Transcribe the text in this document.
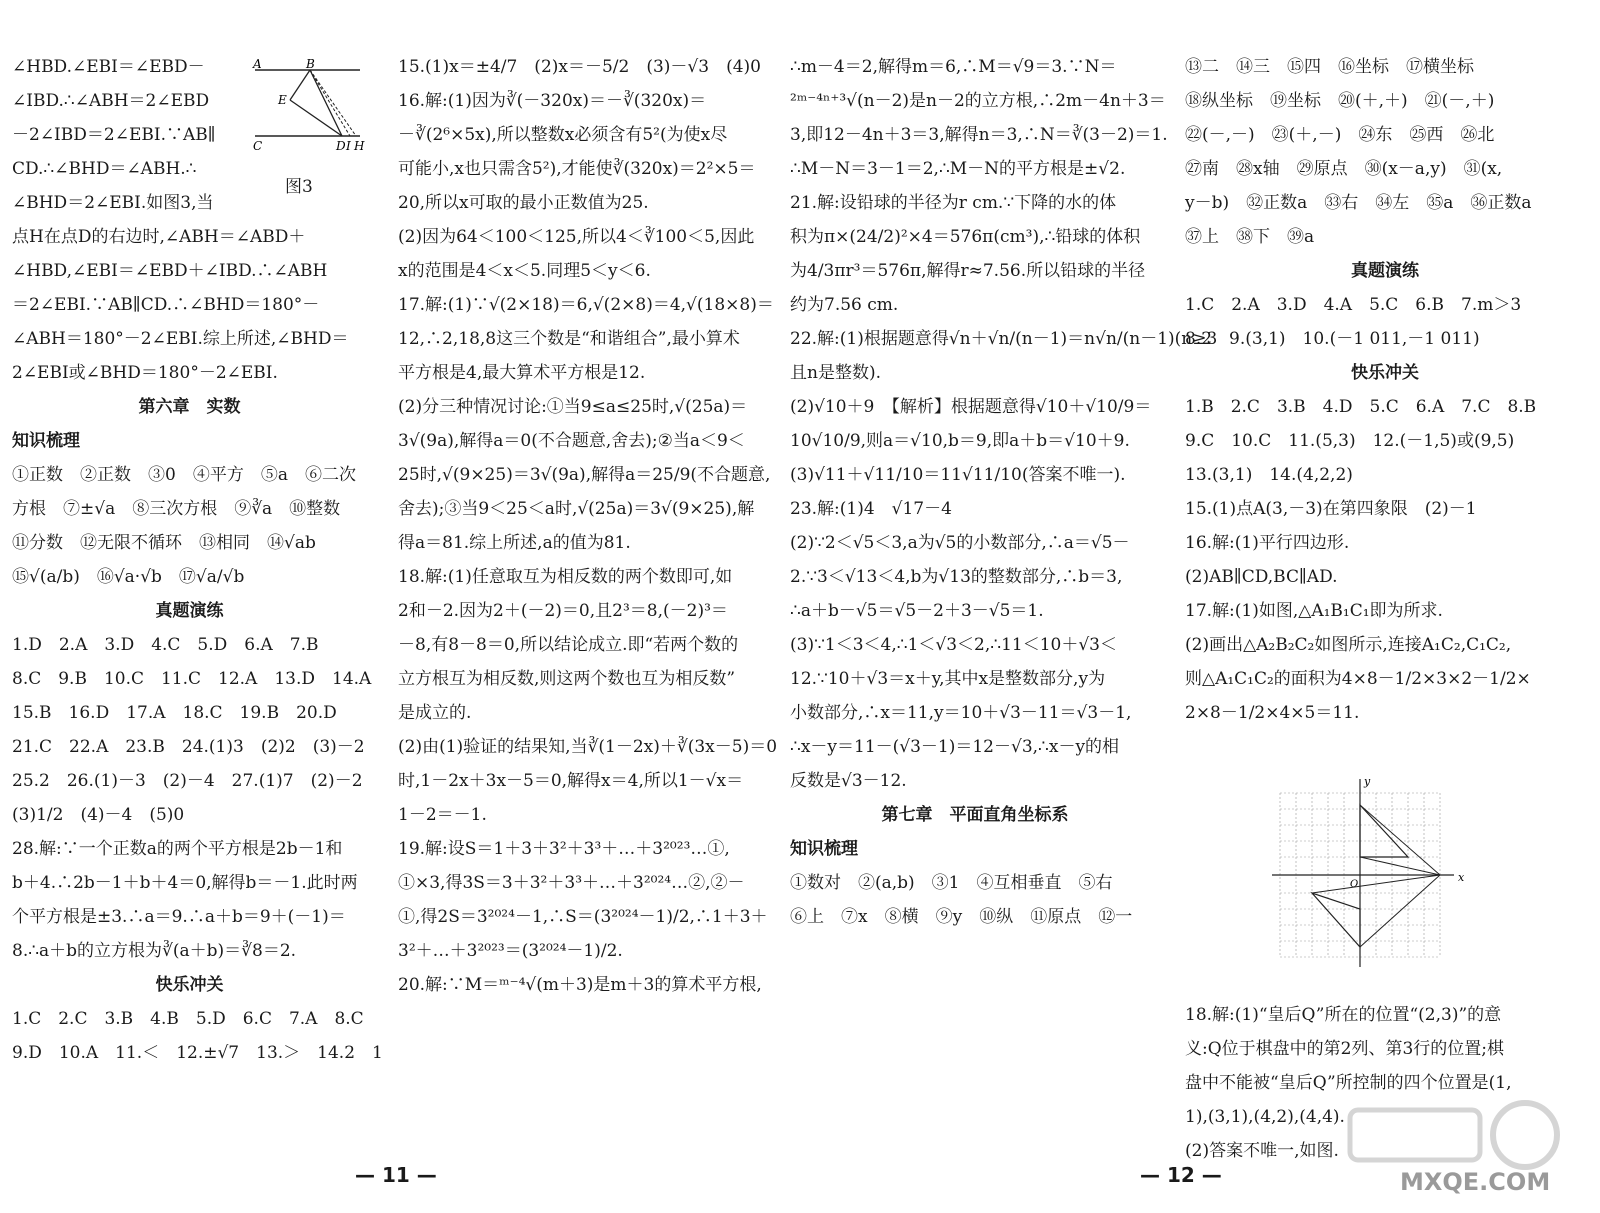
∠HBD.∠EBI＝∠EBD－

∠IBD.∴∠ABH＝2∠EBD

－2∠IBD＝2∠EBI.∵AB∥

CD.∴∠BHD＝∠ABH.∴

∠BHD＝2∠EBI.如图3,当

点H在点D的右边时,∠ABH＝∠ABD＋

∠HBD,∠EBI＝∠EBD＋∠IBD.∴∠ABH

＝2∠EBI.∵AB∥CD.∴∠BHD＝180°－

∠ABH＝180°－2∠EBI.综上所述,∠BHD＝

2∠EBI或∠BHD＝180°－2∠EBI.

第六章　实数

知识梳理

①正数　②正数　③0　④平方　⑤a　⑥二次

方根　⑦±√a　⑧三次方根　⑨∛a　⑩整数

⑪分数　⑫无限不循环　⑬相同　⑭√ab

⑮√(a/b)　⑯√a·√b　⑰√a/√b

真题演练

1.D　2.A　3.D　4.C　5.D　6.A　7.B

8.C　9.B　10.C　11.C　12.A　13.D　14.A

15.B　16.D　17.A　18.C　19.B　20.D

21.C　22.A　23.B　24.(1)3　(2)2　(3)－2

25.2　26.(1)－3　(2)－4　27.(1)7　(2)－2

(3)1/2　(4)－4　(5)0

28.解:∵一个正数a的两个平方根是2b－1和

b＋4.∴2b－1＋b＋4＝0,解得b＝－1.此时两

个平方根是±3.∴a＝9.∴a＋b＝9＋(－1)＝

8.∴a＋b的立方根为∛(a＋b)＝∛8＝2.

快乐冲关

1.C　2.C　3.B　4.B　5.D　6.C　7.A　8.C

9.D　10.A　11.＜　12.±√7　13.＞　14.2　1

A	B
E
C	D I H
图3

15.(1)x＝±4/7　(2)x＝－5/2　(3)－√3　(4)0

16.解:(1)因为∛(－320x)＝－∛(320x)＝

－∛(2⁶×5x),所以整数x必须含有5²(为使x尽

可能小,x也只需含5²),才能使∛(320x)＝2²×5＝

20,所以x可取的最小正数值为25.

(2)因为64＜100＜125,所以4＜∛100＜5,因此

x的范围是4＜x＜5.同理5＜y＜6.

17.解:(1)∵√(2×18)＝6,√(2×8)＝4,√(18×8)＝

12,∴2,18,8这三个数是“和谐组合”,最小算术

平方根是4,最大算术平方根是12.

(2)分三种情况讨论:①当9≤a≤25时,√(25a)＝

3√(9a),解得a＝0(不合题意,舍去);②当a＜9＜

25时,√(9×25)＝3√(9a),解得a＝25/9(不合题意,

舍去);③当9＜25＜a时,√(25a)＝3√(9×25),解

得a＝81.综上所述,a的值为81.

18.解:(1)任意取互为相反数的两个数即可,如

2和－2.因为2＋(－2)＝0,且2³＝8,(－2)³＝

－8,有8－8＝0,所以结论成立.即“若两个数的

立方根互为相反数,则这两个数也互为相反数”

是成立的.

(2)由(1)验证的结果知,当∛(1－2x)＋∛(3x－5)＝0

时,1－2x＋3x－5＝0,解得x＝4,所以1－√x＝

1－2＝－1.

19.解:设S＝1＋3＋3²＋3³＋…＋3²⁰²³…①,

①×3,得3S＝3＋3²＋3³＋…＋3²⁰²⁴…②,②－

①,得2S＝3²⁰²⁴－1,∴S＝(3²⁰²⁴－1)/2,∴1＋3＋

3²＋…＋3²⁰²³＝(3²⁰²⁴－1)/2.

20.解:∵M＝ᵐ⁻⁴√(m＋3)是m＋3的算术平方根,

∴m－4＝2,解得m＝6,∴M＝√9＝3.∵N＝

²ᵐ⁻⁴ⁿ⁺³√(n－2)是n－2的立方根,∴2m－4n＋3＝

3,即12－4n＋3＝3,解得n＝3,∴N＝∛(3－2)＝1.

∴M－N＝3－1＝2,∴M－N的平方根是±√2.

21.解:设铅球的半径为r cm.∵下降的水的体

积为π×(24/2)²×4＝576π(cm³),∴铅球的体积

为4/3πr³＝576π,解得r≈7.56.所以铅球的半径

约为7.56 cm.

22.解:(1)根据题意得√n＋√n/(n－1)＝n√n/(n－1)(n≥3

且n是整数).

(2)√10＋9　【解析】根据题意得√10＋√10/9＝

10√10/9,则a＝√10,b＝9,即a＋b＝√10＋9.

(3)√11＋√11/10＝11√11/10(答案不唯一).

23.解:(1)4　√17－4

(2)∵2＜√5＜3,a为√5的小数部分,∴a＝√5－

2.∵3＜√13＜4,b为√13的整数部分,∴b＝3,

∴a＋b－√5＝√5－2＋3－√5＝1.

(3)∵1＜3＜4,∴1＜√3＜2,∴11＜10＋√3＜

12.∵10＋√3＝x＋y,其中x是整数部分,y为

小数部分,∴x＝11,y＝10＋√3－11＝√3－1,

∴x－y＝11－(√3－1)＝12－√3,∴x－y的相

反数是√3－12.

第七章　平面直角坐标系

知识梳理

①数对　②(a,b)　③1　④互相垂直　⑤右

⑥上　⑦x　⑧横　⑨y　⑩纵　⑪原点　⑫一

⑬二　⑭三　⑮四　⑯坐标　⑰横坐标

⑱纵坐标　⑲坐标　⑳(＋,＋)　㉑(－,＋)

㉒(－,－)　㉓(＋,－)　㉔东　㉕西　㉖北

㉗南　㉘x轴　㉙原点　㉚(x－a,y)　㉛(x,

y－b)　㉜正数a　㉝右　㉞左　㉟a　㊱正数a

㊲上　㊳下　㊴a

真题演练

1.C　2.A　3.D　4.A　5.C　6.B　7.m＞3

8.2　9.(3,1)　10.(－1 011,－1 011)

快乐冲关

1.B　2.C　3.B　4.D　5.C　6.A　7.C　8.B

9.C　10.C　11.(5,3)　12.(－1,5)或(9,5)

13.(3,1)　14.(4,2,2)

15.(1)点A(3,－3)在第四象限　(2)－1

16.解:(1)平行四边形.

(2)AB∥CD,BC∥AD.

17.解:(1)如图,△A₁B₁C₁即为所求.

(2)画出△A₂B₂C₂如图所示,连接A₁C₂,C₁C₂,

则△A₁C₁C₂的面积为4×8－1/2×3×2－1/2×

2×8－1/2×4×5＝11.

x
y
O

18.解:(1)“皇后Q”所在的位置“(2,3)”的意

义:Q位于棋盘中的第2列、第3行的位置;棋

盘中不能被“皇后Q”所控制的四个位置是(1,

1),(3,1),(4,2),(4,4).

(2)答案不唯一,如图.

— 11 —	— 12 —	MXQE.COM
